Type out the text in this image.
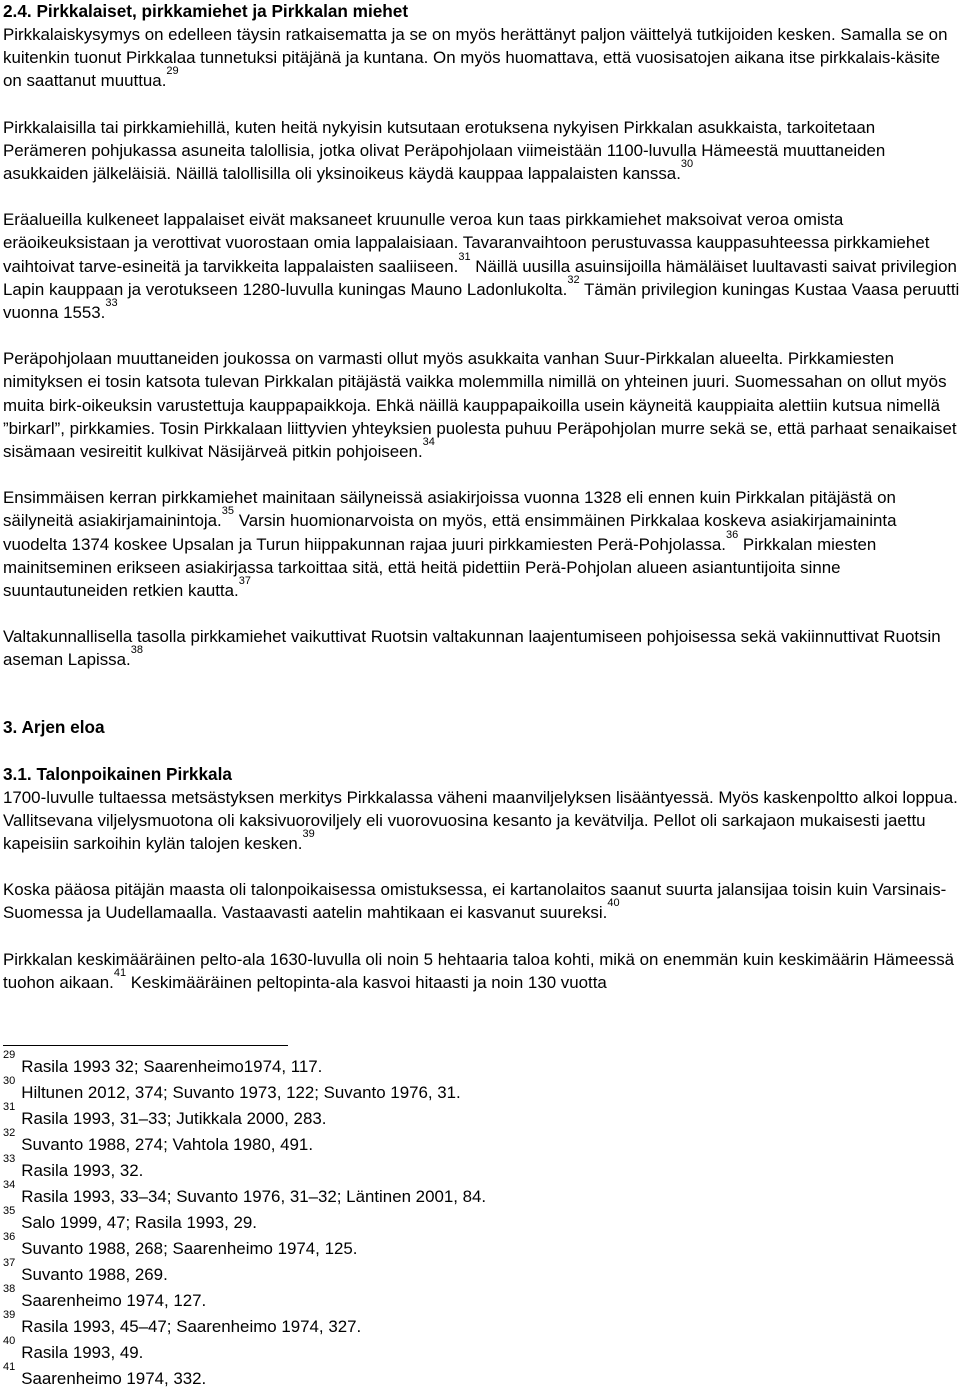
2.4. Pirkkalaiset, pirkkamiehet ja Pirkkalan miehet

Pirkkalaiskysymys on edelleen täysin ratkaisematta ja se on myös herättänyt paljon väittelyä tutkijoiden kesken. Samalla se on kuitenkin tuonut Pirkkalaa tunnetuksi pitäjänä ja kuntana. On myös huomattava, että vuosisatojen aikana itse pirkkalais-käsite on saattanut muuttua.$^{29}$

Pirkkalaisilla tai pirkkamiehillä, kuten heitä nykyisin kutsutaan erotuksena nykyisen Pirkkalan asukkaista, tarkoitetaan Perämeren pohjukassa asuneita talollisia, jotka olivat Peräpohjolaan viimeistään 1100-luvulla Hämeestä muuttaneiden asukkaiden jälkeläisiä. Näillä talollisilla oli yksinoikeus käydä kauppaa lappalaisten kanssa.$^{30}$

Eräalueilla kulkeneet lappalaiset eivät maksaneet kruunulle veroa kun taas pirkkamiehet maksoivat veroa omista eräoikeuksistaan ja verottivat vuorostaan omia lappalaisiaan. Tavaranvaihtoon perustuvassa kauppasuhteessa pirkkamiehet vaihtoivat tarve-esineitä ja tarvikkeita lappalaisten saaliiseen.$^{31}$ Näillä uusilla asuinsijoilla hämäläiset luultavasti saivat privilegion Lapin kauppaan ja verotukseen 1280-luvulla kuningas Mauno Ladonlukolta.$^{32}$ Tämän privilegion kuningas Kustaa Vaasa peruutti vuonna 1553.33

Peräpohjolaan muuttaneiden joukossa on varmasti ollut myös asukkaita vanhan Suur-Pirkkalan alueelta. Pirkkamiesten nimityksen ei tosin katsota tulevan Pirkkalan pitäjästä vaikka molemmilla nimillä on yhteinen juuri. Suomessahan on ollut myös muita birk-oikeuksin varustettuja kauppapaikkoja. Ehkä näillä kauppapaikoilla usein käyneitä kauppiaita alettiin kutsua nimellä ”birkarl”, pirkkamies. Tosin Pirkkalaan liittyvien yhteyksien puolesta puhuu Peräpohjolan murre sekä se, että parhaat senaikaiset sisämaan vesireitit kulkivat Näsijärveä pitkin pohjoiseen.$^{34}$

Ensimmäisen kerran pirkkamiehet mainitaan säilyneissä asiakirjoissa vuonna 1328 eli ennen kuin Pirkkalan pitäjästä on säilyneitä asiakirjamainintoja.$^{35}$ Varsin huomionarvoista on myös, että ensimmäinen Pirkkalaa koskeva asiakirjamaininta vuodelta 1374 koskee Upsalan ja Turun hiippakunnan rajaa juuri pirkkamiesten Perä-Pohjolassa.$^{36}$ Pirkkalan miesten mainitseminen erikseen asiakirjassa tarkoittaa sitä, että heitä pidettiin Perä-Pohjolan alueen asiantuntijoita sinne suuntautuneiden retkien kautta.$^{37}$

Valtakunnallisella tasolla pirkkamiehet vaikuttivat Ruotsin valtakunnan laajentumiseen pohjoisessa sekä vakiinnuttivat Ruotsin aseman Lapissa.$^{38}$

3. Arjen eloa
3.1. Talonpoikainen Pirkkala

1700-luvulle tultaessa metsästyksen merkitys Pirkkalassa väheni maanviljelyksen lisääntyessä. Myös kaskenpoltto alkoi loppua. Vallitsevana viljelysmuotona oli kaksivuoroviljely eli vuorovuosina kesanto ja kevätvilja. Pellot oli sarkajaon mukaisesti jaettu kapeisiin sarkoihin kylän talojen kesken.$^{39}$

Koska pääosa pitäjän maasta oli talonpoikaisessa omistuksessa, ei kartanolaitos saanut suurta jalansijaa toisin kuin Varsinais-Suomessa ja Uudellamaalla. Vastaavasti aatelin mahtikaan ei kasvanut suureksi.$^{40}$

Pirkkalan keskimääräinen pelto-ala 1630-luvulla oli noin 5 hehtaaria taloa kohti, mikä on enemmän kuin keskimäärin Hämeessä tuohon aikaan.$^{41}$ Keskimääräinen peltopinta-ala kasvoi hitaasti ja noin 130 vuotta

$^{29}$Rasila 1993 32; Saarenheimo1974, 117.

$^{30}$Hiltunen 2012, 374; Suvanto 1973, 122; Suvanto 1976, 31.

$^{31}$Rasila 1993, 31–33; Jutikkala 2000, 283.

$^{32}$Suvanto 1988, 274; Vahtola 1980, 491.

$^{33}$Rasila 1993, 32.

$^{34}$Rasila 1993, 33–34; Suvanto 1976, 31–32; Läntinen 2001, 84.

$^{35}$Salo 1999, 47; Rasila 1993, 29.

$^{36}$Suvanto 1988, 268; Saarenheimo 1974, 125.

$^{37}$Suvanto 1988, 269.

$^{38}$Saarenheimo 1974, 127.

$^{39}$Rasila 1993, 45–47; Saarenheimo 1974, 327.

$^{40}$Rasila 1993, 49.

$^{41}$Saarenheimo 1974, 332.
